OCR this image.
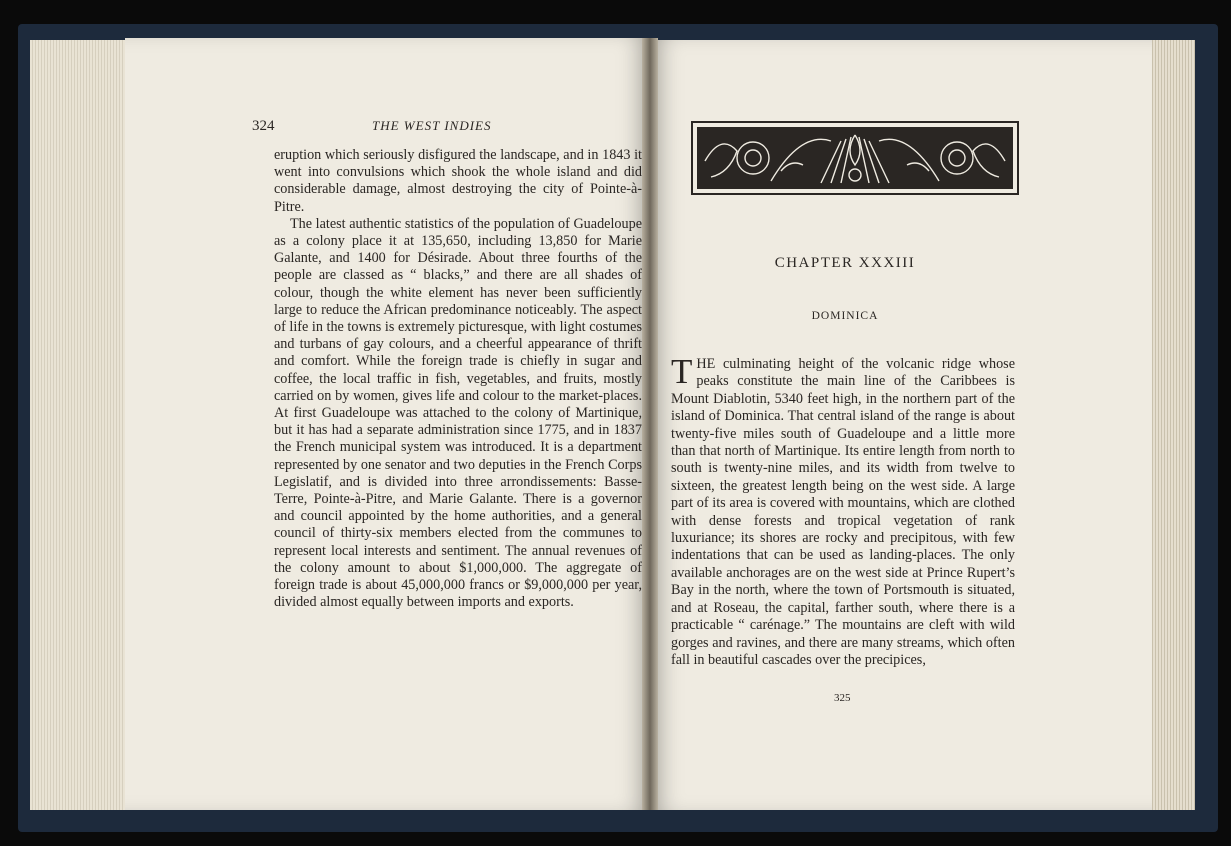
324	THE WEST INDIES

eruption which seriously disfigured the landscape, and in 1843 it went into convulsions which shook the whole island and did considerable damage, almost destroying the city of Pointe-à-Pitre.

The latest authentic statistics of the population of Guadeloupe as a colony place it at 135,650, including 13,850 for Marie Galante, and 1400 for Désirade. About three fourths of the people are classed as “ blacks,” and there are all shades of colour, though the white element has never been sufficiently large to reduce the African predominance noticeably. The aspect of life in the towns is extremely picturesque, with light costumes and turbans of gay colours, and a cheerful appearance of thrift and comfort. While the foreign trade is chiefly in sugar and coffee, the local traffic in fish, vegetables, and fruits, mostly carried on by women, gives life and colour to the market-places. At first Guadeloupe was attached to the colony of Martinique, but it has had a separate administration since 1775, and in 1837 the French municipal system was introduced. It is a department represented by one senator and two deputies in the French Corps Legislatif, and is divided into three arrondissements: Basse-Terre, Pointe-à-Pitre, and Marie Galante. There is a governor and council appointed by the home authorities, and a general council of thirty-six members elected from the communes to represent local interests and sentiment. The annual revenues of the colony amount to about $1,000,000. The aggregate of foreign trade is about 45,000,000 francs or $9,000,000 per year, divided almost equally between imports and exports.

CHAPTER XXXIII
DOMINICA
T HE culminating height of the volcanic ridge whose peaks constitute the main line of the Caribbees is Mount Diablotin, 5340 feet high, in the northern part of the island of Dominica. That central island of the range is about twenty-five miles south of Guadeloupe and a little more than that north of Martinique. Its entire length from north to south is twenty-nine miles, and its width from twelve to sixteen, the greatest length being on the west side. A large part of its area is covered with mountains, which are clothed with dense forests and tropical vegetation of rank luxuriance; its shores are rocky and precipitous, with few indentations that can be used as landing-places. The only available anchorages are on the west side at Prince Rupert’s Bay in the north, where the town of Portsmouth is situated, and at Roseau, the capital, farther south, where there is a practicable “ carénage.” The mountains are cleft with wild gorges and ravines, and there are many streams, which often fall in beautiful cascades over the precipices,

325
